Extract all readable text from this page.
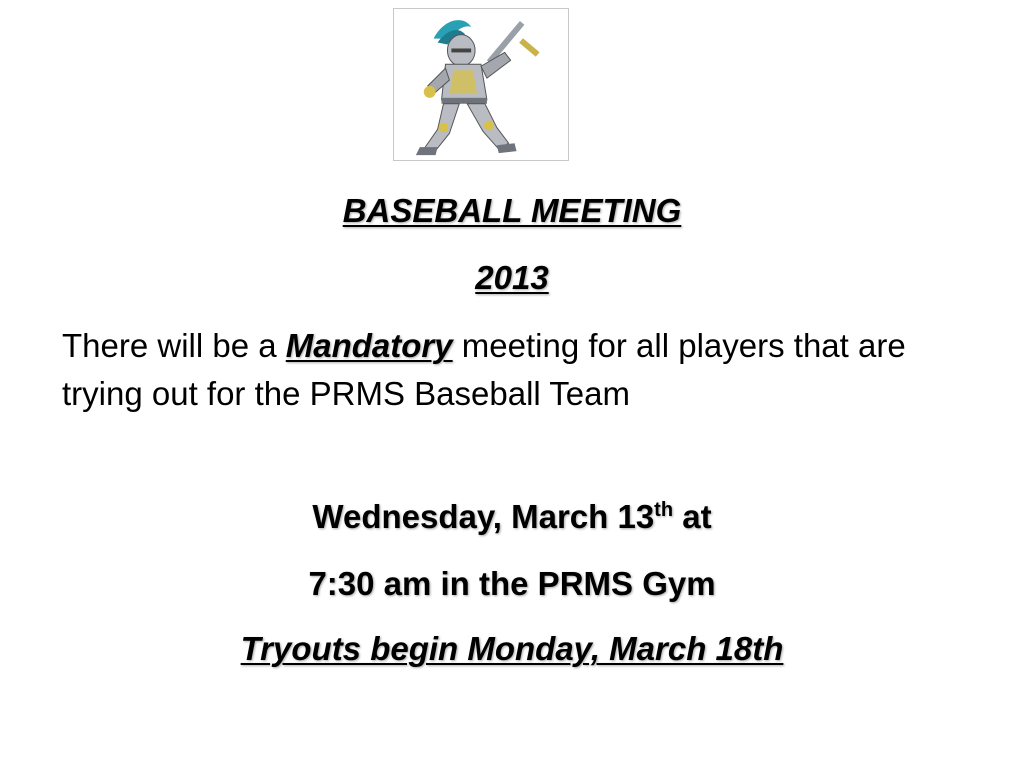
BASEBALL MEETING
2013
There will be a Mandatory meeting for all players that are trying out for the PRMS Baseball Team
Wednesday, March 13th at
7:30 am in the PRMS Gym
Tryouts begin Monday, March 18th
